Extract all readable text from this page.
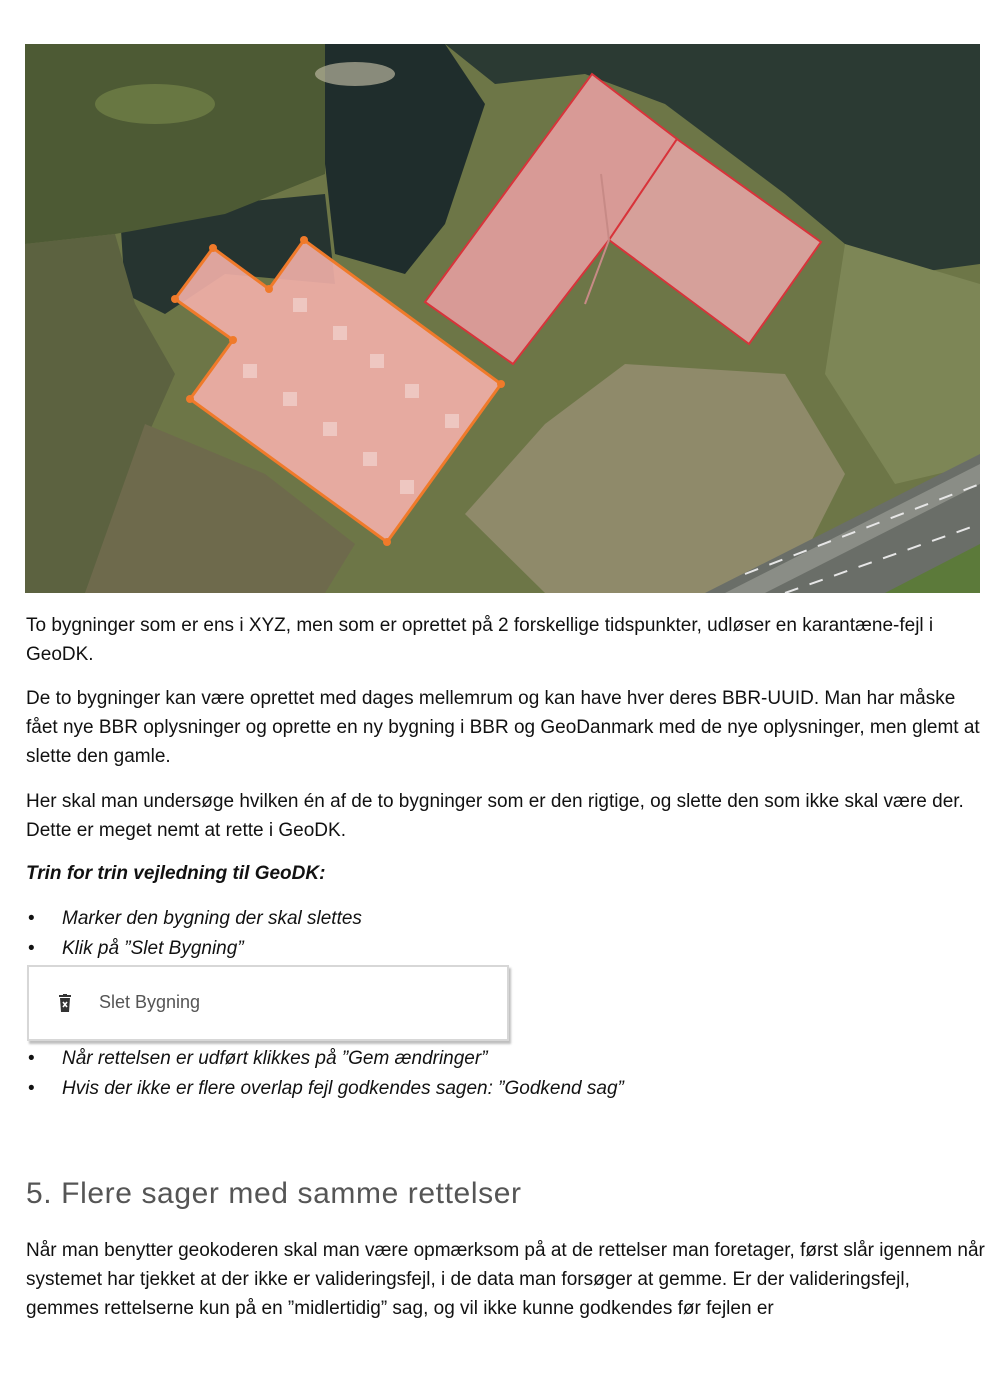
To bygninger som er ens i XYZ, men som er oprettet på 2 forskellige tidspunkter, udløser en karantæne-fejl i GeoDK.

De to bygninger kan være oprettet med dages mellemrum og kan have hver deres BBR-UUID. Man har måske fået nye BBR oplysninger og oprette en ny bygning i BBR og GeoDanmark med de nye oplysninger, men glemt at slette den gamle.

Her skal man undersøge hvilken én af de to bygninger som er den rigtige, og slette den som ikke skal være der. Dette er meget nemt at rette i GeoDK.

Trin for trin vejledning til GeoDK:

• Marker den bygning der skal slettes
• Klik på ”Slet Bygning”
Slet Bygning
• Når rettelsen er udført klikkes på ”Gem ændringer”
• Hvis der ikke er flere overlap fejl godkendes sagen: ”Godkend sag”
5. Flere sager med samme rettelser

Når man benytter geokoderen skal man være opmærksom på at de rettelser man foretager, først slår igennem når systemet har tjekket at der ikke er valideringsfejl, i de data man forsøger at gemme. Er der valideringsfejl, gemmes rettelserne kun på en ”midlertidig” sag, og vil ikke kunne godkendes før fejlen er
